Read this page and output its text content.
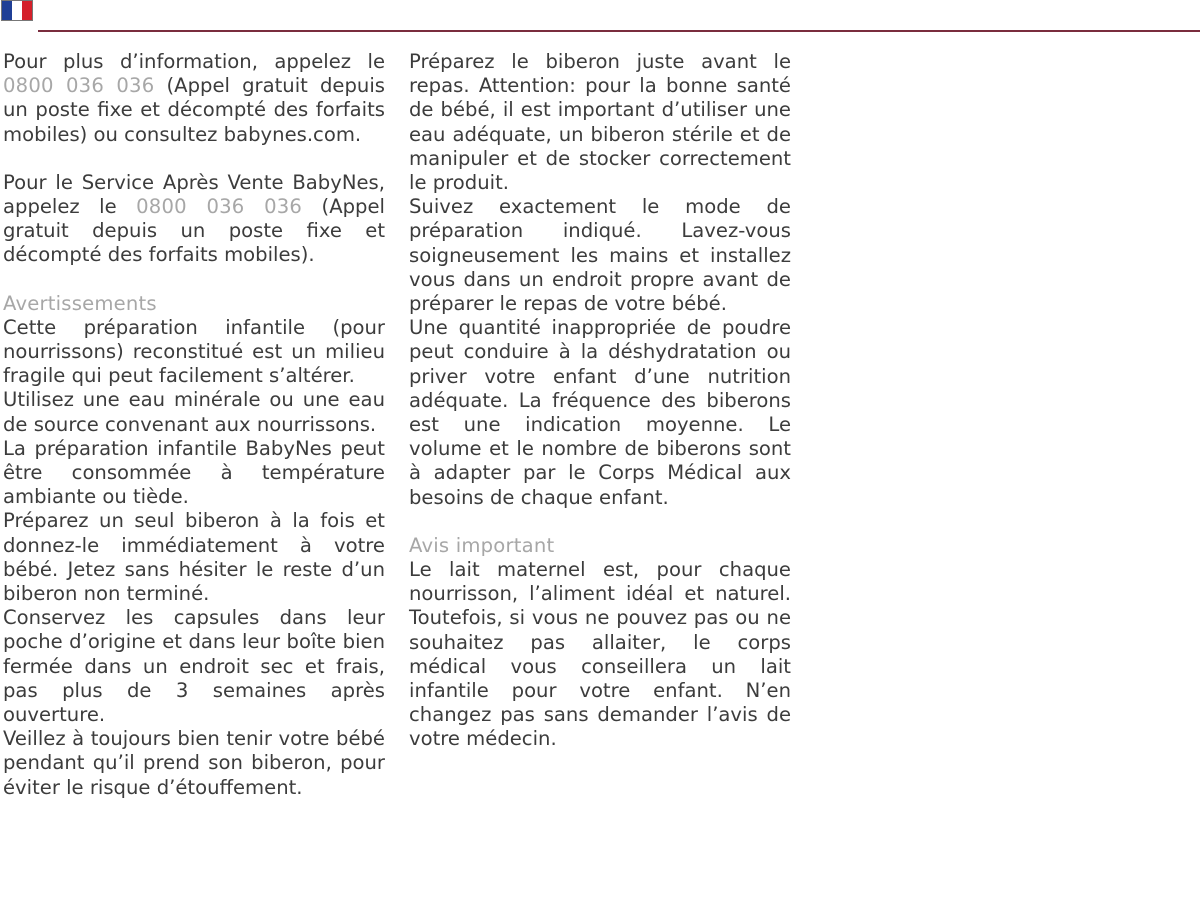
Pour plus d’information, appelez le 0800 036 036 (Appel gratuit depuis un poste fixe et décompté des forfaits mobiles) ou consultez babynes.com.

Pour le Service Après Vente BabyNes, appelez le 0800 036 036 (Appel gratuit depuis un poste fixe et décompté des forfaits mobiles).

Avertissements

Cette préparation infantile (pour nourrissons) reconstitué est un milieu fragile qui peut facilement s’altérer.

Utilisez une eau minérale ou une eau de source convenant aux nourrissons.

La préparation infantile BabyNes peut être consommée à température ambiante ou tiède.

Préparez un seul biberon à la fois et donnez-le immédiatement à votre bébé. Jetez sans hésiter le reste d’un biberon non terminé.

Conservez les capsules dans leur poche d’origine et dans leur boîte bien fermée dans un endroit sec et frais, pas plus de 3 semaines après ouverture.

Veillez à toujours bien tenir votre bébé pendant qu’il prend son biberon, pour éviter le risque d’étouffement.

Préparez le biberon juste avant le repas. Attention: pour la bonne santé de bébé, il est important d’utiliser une eau adéquate, un biberon stérile et de manipuler et de stocker correctement le produit.

Suivez exactement le mode de préparation indiqué. Lavez-vous soigneusement les mains et installez vous dans un endroit propre avant de préparer le repas de votre bébé.

Une quantité inappropriée de poudre peut conduire à la déshydratation ou priver votre enfant d’une nutrition adéquate. La fréquence des biberons est une indication moyenne. Le volume et le nombre de biberons sont à adapter par le Corps Médical aux besoins de chaque enfant.

Avis important

Le lait maternel est, pour chaque nourrisson, l’aliment idéal et naturel. Toutefois, si vous ne pouvez pas ou ne souhaitez pas allaiter, le corps médical vous conseillera un lait infantile pour votre enfant. N’en changez pas sans demander l’avis de votre médecin.
